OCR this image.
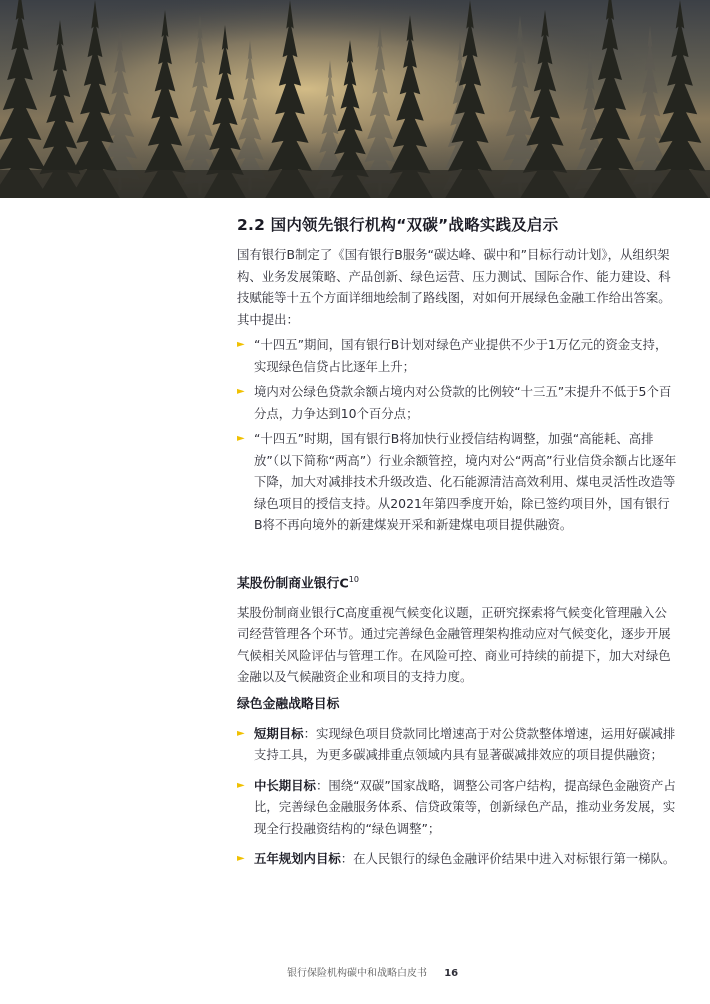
2.2 国内领先银行机构“双碳”战略实践及启示

国有银行B制定了《国有银行B服务“碳达峰、碳中和”目标行动计划》，从组织架构、业务发展策略、产品创新、绿色运营、压力测试、国际合作、能力建设、科技赋能等十五个方面详细地绘制了路线图，对如何开展绿色金融工作给出答案。其中提出：

► “十四五”期间，国有银行B计划对绿色产业提供不少于1万亿元的资金支持，实现绿色信贷占比逐年上升；
► 境内对公绿色贷款余额占境内对公贷款的比例较“十三五”末提升不低于5个百分点，力争达到10个百分点；
► “十四五”时期，国有银行B将加快行业授信结构调整，加强“高能耗、高排放”（以下简称“两高”）行业余额管控，境内对公“两高”行业信贷余额占比逐年下降，加大对减排技术升级改造、化石能源清洁高效利用、煤电灵活性改造等绿色项目的授信支持。从2021年第四季度开始，除已签约项目外，国有银行B将不再向境外的新建煤炭开采和新建煤电项目提供融资。
某股份制商业银行$C^{10}$

某股份制商业银行C高度重视气候变化议题，正研究探索将气候变化管理融入公司经营管理各个环节。通过完善绿色金融管理架构推动应对气候变化，逐步开展气候相关风险评估与管理工作。在风险可控、商业可持续的前提下，加大对绿色金融以及气候融资企业和项目的支持力度。

绿色金融战略目标
► 短期目标：实现绿色项目贷款同比增速高于对公贷款整体增速，运用好碳减排支持工具，为更多碳减排重点领域内具有显著碳减排效应的项目提供融资；
► 中长期目标：围绕“双碳”国家战略，调整公司客户结构，提高绿色金融资产占比，完善绿色金融服务体系、信贷政策等，创新绿色产品，推动业务发展，实现全行投融资结构的“绿色调整”；
► 五年规划内目标：在人民银行的绿色金融评价结果中进入对标银行第一梯队。
银行保险机构碳中和战略白皮书 16
